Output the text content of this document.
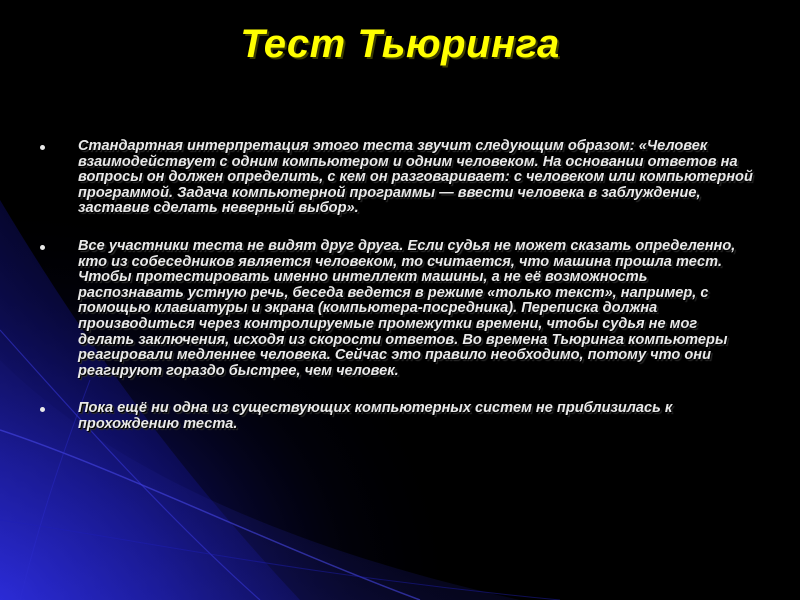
Тест Тьюринга
Стандартная интерпретация этого теста звучит следующим образом: «Человек взаимодействует с одним компьютером и одним человеком. На основании ответов на вопросы он должен определить, с кем он разговаривает: с человеком или компьютерной программой. Задача компьютерной программы — ввести человека в заблуждение, заставив сделать неверный выбор».
Все участники теста не видят друг друга. Если судья не может сказать определенно, кто из собеседников является человеком, то считается, что машина прошла тест. Чтобы протестировать именно интеллект машины, а не её возможность распознавать устную речь, беседа ведется в режиме «только текст», например, с помощью клавиатуры и экрана (компьютера-посредника). Переписка должна производиться через контролируемые промежутки времени, чтобы судья не мог делать заключения, исходя из скорости ответов. Во времена Тьюринга компьютеры реагировали медленнее человека. Сейчас это правило необходимо, потому что они реагируют гораздо быстрее, чем человек.
Пока ещё ни одна из существующих компьютерных систем не приблизилась к прохождению теста.
